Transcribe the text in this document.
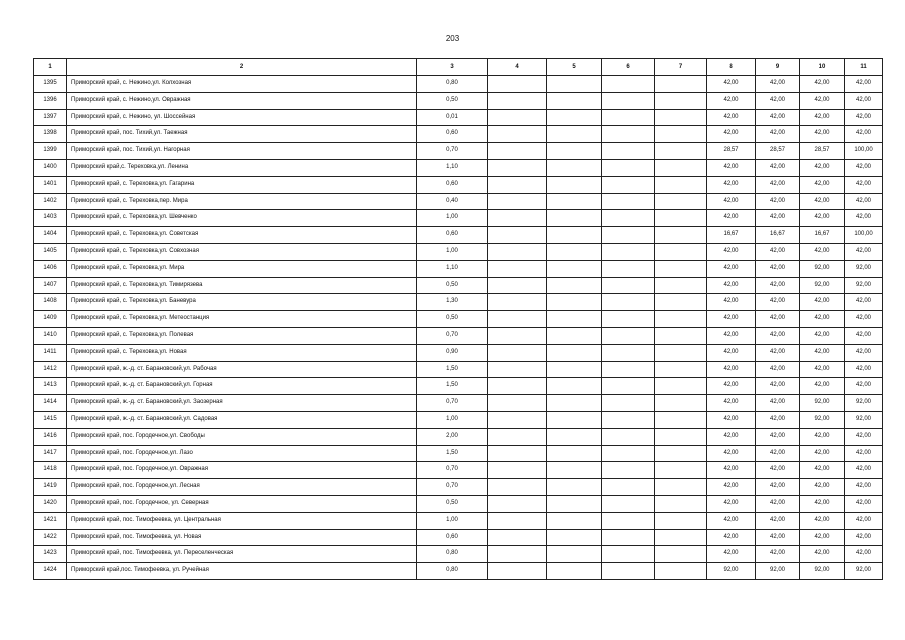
203
1	2	3	4	5	6	7	8	9	10	11
1395	Приморский край, с. Нежино,ул. Колхозная	0,80					42,00	42,00	42,00	42,00
1396	Приморский край, с. Нежино,ул. Овражная	0,50					42,00	42,00	42,00	42,00
1397	Приморский край, с. Нежино, ул. Шоссейная	0,01					42,00	42,00	42,00	42,00
1398	Приморский край, пос. Тихий,ул. Таежная	0,60					42,00	42,00	42,00	42,00
1399	Приморский край, пос. Тихий,ул. Нагорная	0,70					28,57	28,57	28,57	100,00
1400	Приморский край,с. Тереховка,ул. Ленина	1,10					42,00	42,00	42,00	42,00
1401	Приморский край, с. Тереховка,ул. Гагарина	0,60					42,00	42,00	42,00	42,00
1402	Приморский край, с. Тереховка,пер. Мира	0,40					42,00	42,00	42,00	42,00
1403	Приморский край, с. Тереховка,ул. Шевченко	1,00					42,00	42,00	42,00	42,00
1404	Приморский край, с. Тереховка,ул. Советская	0,60					16,67	16,67	16,67	100,00
1405	Приморский край, с. Тереховка,ул. Совхозная	1,00					42,00	42,00	42,00	42,00
1406	Приморский край, с. Тереховка,ул. Мира	1,10					42,00	42,00	92,00	92,00
1407	Приморский край, с. Тереховка,ул. Тимирязева	0,50					42,00	42,00	92,00	92,00
1408	Приморский край, с. Тереховка,ул. Баневура	1,30					42,00	42,00	42,00	42,00
1409	Приморский край, с. Тереховка,ул. Метеостанция	0,50					42,00	42,00	42,00	42,00
1410	Приморский край, с. Тереховка,ул. Полевая	0,70					42,00	42,00	42,00	42,00
1411	Приморский край, с. Тереховка,ул. Новая	0,90					42,00	42,00	42,00	42,00
1412	Приморский край, ж.-д. ст. Барановский,ул. Рабочая	1,50					42,00	42,00	42,00	42,00
1413	Приморский край, ж.-д. ст. Барановский,ул. Горная	1,50					42,00	42,00	42,00	42,00
1414	Приморский край, ж.-д. ст. Барановский,ул. Заозерная	0,70					42,00	42,00	92,00	92,00
1415	Приморский край, ж.-д. ст. Барановский,ул. Садовая	1,00					42,00	42,00	92,00	92,00
1416	Приморский край, пос. Городечное,ул. Свободы	2,00					42,00	42,00	42,00	42,00
1417	Приморский край, пос. Городечное,ул. Лазо	1,50					42,00	42,00	42,00	42,00
1418	Приморский край, пос. Городечное,ул. Овражная	0,70					42,00	42,00	42,00	42,00
1419	Приморский край, пос. Городечное,ул. Лесная	0,70					42,00	42,00	42,00	42,00
1420	Приморский край, пос. Городечное, ул. Северная	0,50					42,00	42,00	42,00	42,00
1421	Приморский край, пос. Тимофеевка, ул. Центральная	1,00					42,00	42,00	42,00	42,00
1422	Приморский край, пос. Тимофеевка, ул. Новая	0,60					42,00	42,00	42,00	42,00
1423	Приморский край, пос. Тимофеевка, ул. Переселенческая	0,80					42,00	42,00	42,00	42,00
1424	Приморский край,пос. Тимофеевка, ул. Ручейная	0,80					92,00	92,00	92,00	92,00
